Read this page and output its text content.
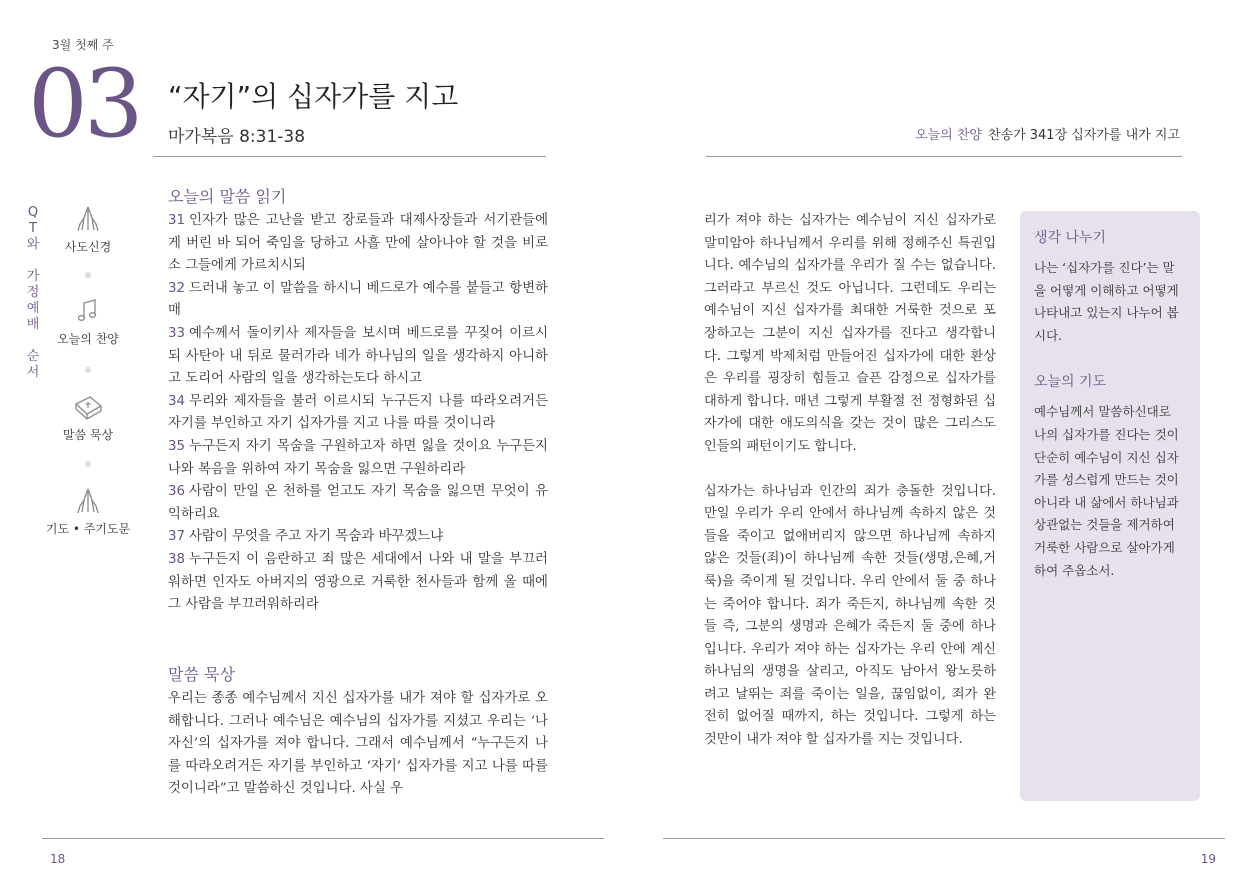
3월 첫째 주
03 “자기”의 십자가를 지고
마가복음 8:31-38	오늘의 찬양 찬송가 341장 십자가를 내가 지고
Q
T
와
가
정
예
배
순
서
사도신경
오늘의 찬양
말씀 묵상
기도 • 주기도문
오늘의 말씀 읽기
31 인자가 많은 고난을 받고 장로들과 대제사장들과 서기관들에게 버린 바 되어 죽임을 당하고 사흘 만에 살아나야 할 것을 비로소 그들에게 가르치시되
32 드러내 놓고 이 말씀을 하시니 베드로가 예수를 붙들고 항변하매
33 예수께서 돌이키사 제자들을 보시며 베드로를 꾸짖어 이르시되 사탄아 내 뒤로 물러가라 네가 하나님의 일을 생각하지 아니하고 도리어 사람의 일을 생각하는도다 하시고
34 무리와 제자들을 불러 이르시되 누구든지 나를 따라오려거든 자기를 부인하고 자기 십자가를 지고 나를 따를 것이니라
35 누구든지 자기 목숨을 구원하고자 하면 잃을 것이요 누구든지 나와 복음을 위하여 자기 목숨을 잃으면 구원하리라
36 사람이 만일 온 천하를 얻고도 자기 목숨을 잃으면 무엇이 유익하리요
37 사람이 무엇을 주고 자기 목숨과 바꾸겠느냐
38 누구든지 이 음란하고 죄 많은 세대에서 나와 내 말을 부끄러워하면 인자도 아버지의 영광으로 거룩한 천사들과 함께 올 때에 그 사람을 부끄러워하리라
말씀 묵상
우리는 종종 예수님께서 지신 십자가를 내가 져야 할 십자가로 오해합니다. 그러나 예수님은 예수님의 십자가를 지셨고 우리는 ‘나 자신’의 십자가를 져야 합니다. 그래서 예수님께서 “누구든지 나를 따라오려거든 자기를 부인하고 ‘자기’ 십자가를 지고 나를 따를 것이니라”고 말씀하신 것입니다. 사실 우

리가 져야 하는 십자가는 예수님이 지신 십자가로 말미암아 하나님께서 우리를 위해 정해주신 특권입니다. 예수님의 십자가를 우리가 질 수는 없습니다. 그러라고 부르신 것도 아닙니다. 그런데도 우리는 예수님이 지신 십자가를 최대한 거룩한 것으로 포장하고는 그분이 지신 십자가를 진다고 생각합니다. 그렇게 박제처럼 만들어진 십자가에 대한 환상은 우리를 굉장히 힘들고 슬픈 감정으로 십자가를 대하게 합니다. 매년 그렇게 부활절 전 정형화된 십자가에 대한 애도의식을 갖는 것이 많은 그리스도인들의 패턴이기도 합니다.

십자가는 하나님과 인간의 죄가 충돌한 것입니다. 만일 우리가 우리 안에서 하나님께 속하지 않은 것들을 죽이고 없애버리지 않으면 하나님께 속하지 않은 것들(죄)이 하나님께 속한 것들(생명,은혜,거룩)을 죽이게 될 것입니다. 우리 안에서 둘 중 하나는 죽어야 합니다. 죄가 죽든지, 하나님께 속한 것들 즉, 그분의 생명과 은혜가 죽든지 둘 중에 하나입니다. 우리가 져야 하는 십자가는 우리 안에 계신 하나님의 생명을 살리고, 아직도 남아서 왕노릇하려고 날뛰는 죄를 죽이는 일을, 끊임없이, 죄가 완전히 없어질 때까지, 하는 것입니다. 그렇게 하는 것만이 내가 져야 할 십자가를 지는 것입니다.

생각 나누기

나는 ‘십자가를 진다’는 말을 어떻게 이해하고 어떻게 나타내고 있는지 나누어 봅시다.

오늘의 기도

예수님께서 말씀하신대로 나의 십자가를 진다는 것이 단순히 예수님이 지신 십자가를 성스럽게 만드는 것이 아니라 내 삶에서 하나님과 상관없는 것들을 제거하여 거룩한 사람으로 살아가게 하여 주옵소서.

18	19
